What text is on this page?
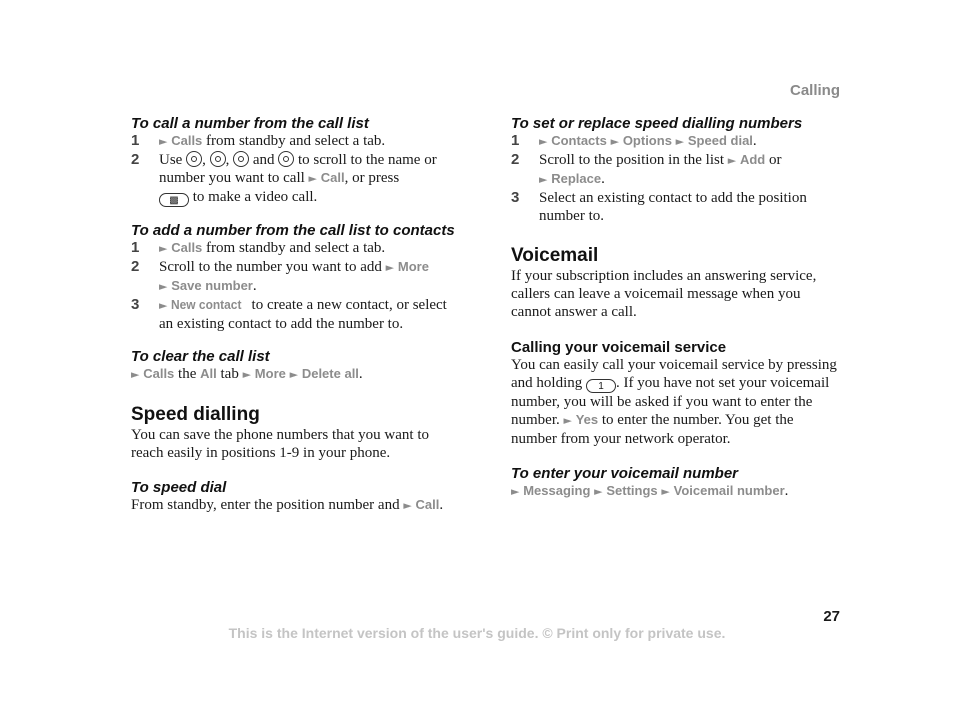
Calling

To call a number from the call list

1	► Calls from standby and select a tab.
2	Use , ,  and  to scroll to the name or number you want to call ► Call, or press
▩ to make a video call.

To add a number from the call list to contacts

1	► Calls from standby and select a tab.
2	Scroll to the number you want to add ► More
► Save number.
3	► New contact to create a new contact, or select an existing contact to add the number to.

To clear the call list

► Calls the All tab ► More ► Delete all.

Speed dialling

You can save the phone numbers that you want to reach easily in positions 1-9 in your phone.

To speed dial

From standby, enter the position number and ► Call.

To set or replace speed dialling numbers

1	► Contacts ► Options ► Speed dial.
2	Scroll to the position in the list ► Add or
► Replace.
3	Select an existing contact to add the position number to.

Voicemail

If your subscription includes an answering service, callers can leave a voicemail message when you cannot answer a call.

Calling your voicemail service

You can easily call your voicemail service by pressing and holding 1 . If you have not set your voicemail number, you will be asked if you want to enter the number. ► Yes to enter the number. You get the number from your network operator.

To enter your voicemail number

► Messaging ► Settings ► Voicemail number.

27
This is the Internet version of the user's guide. © Print only for private use.
